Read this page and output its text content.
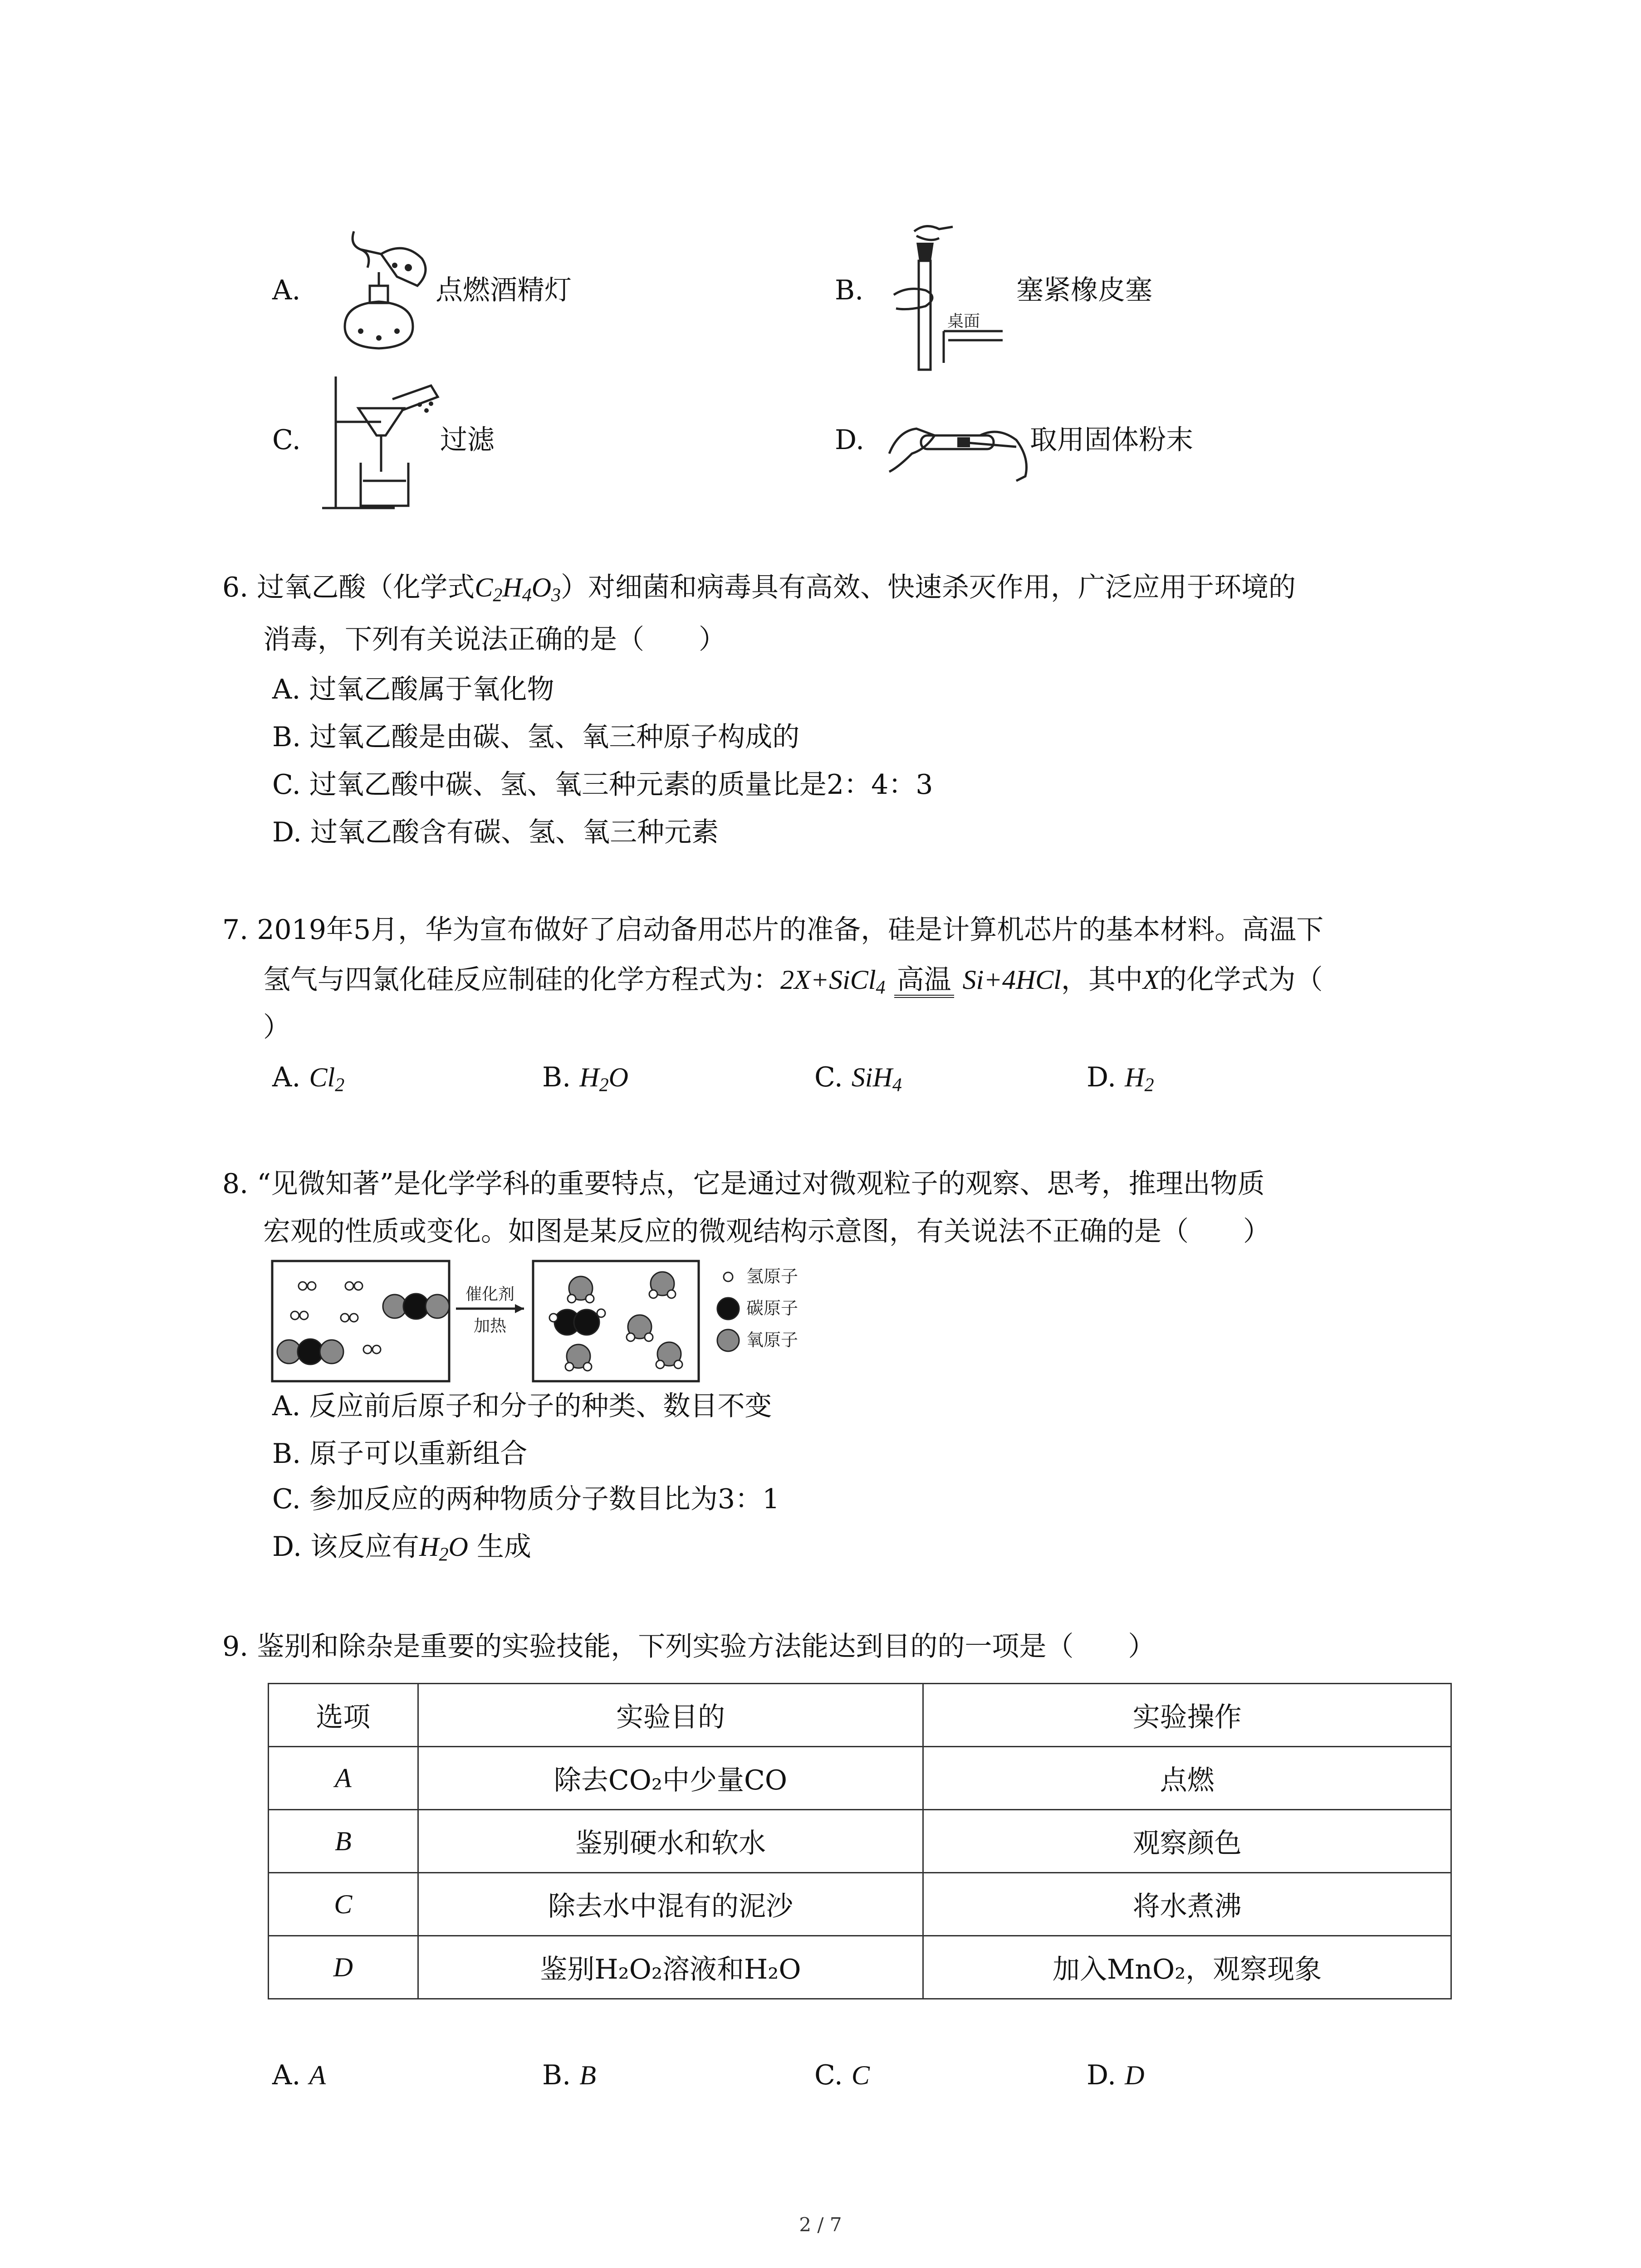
A.	点燃酒精灯	B.
桌面
塞紧橡皮塞
C.	过滤	D.	取用固体粉末
6. 过氧乙酸（化学式$C_2H_4O_3$）对细菌和病毒具有高效、快速杀灭作用，广泛应用于环境的
消毒，下列有关说法正确的是（　　）
A. 过氧乙酸属于氧化物
B. 过氧乙酸是由碳、氢、氧三种原子构成的
C. 过氧乙酸中碳、氢、氧三种元素的质量比是2：4：3
D. 过氧乙酸含有碳、氢、氧三种元素
7. 2019年5月，华为宣布做好了启动备用芯片的准备，硅是计算机芯片的基本材料。高温下
氢气与四氯化硅反应制硅的化学方程式为：2X+SiCl$_4$ 高温 Si+4HCl，其中X的化学式为（
）
A. $Cl_2$	B. $H_2O$	C. SiH$_4$	D. $H_2$
8. “见微知著”是化学学科的重要特点，它是通过对微观粒子的观察、思考，推理出物质
宏观的性质或变化。如图是某反应的微观结构示意图，有关说法不正确的是（　　）
催化剂
加热
氢原子
碳原子
氧原子
A. 反应前后原子和分子的种类、数目不变
B. 原子可以重新组合
C. 参加反应的两种物质分子数目比为3：1
D. 该反应有$H_2O$ 生成
9. 鉴别和除杂是重要的实验技能，下列实验方法能达到目的的一项是（　　）
选项	实验目的	实验操作
A	除去CO₂中少量CO	点燃
B	鉴别硬水和软水	观察颜色
C	除去水中混有的泥沙	将水煮沸
D	鉴别H₂O₂溶液和H₂O	加入MnO₂，观察现象
A. A	B. B	C. C	D. D
2 / 7
